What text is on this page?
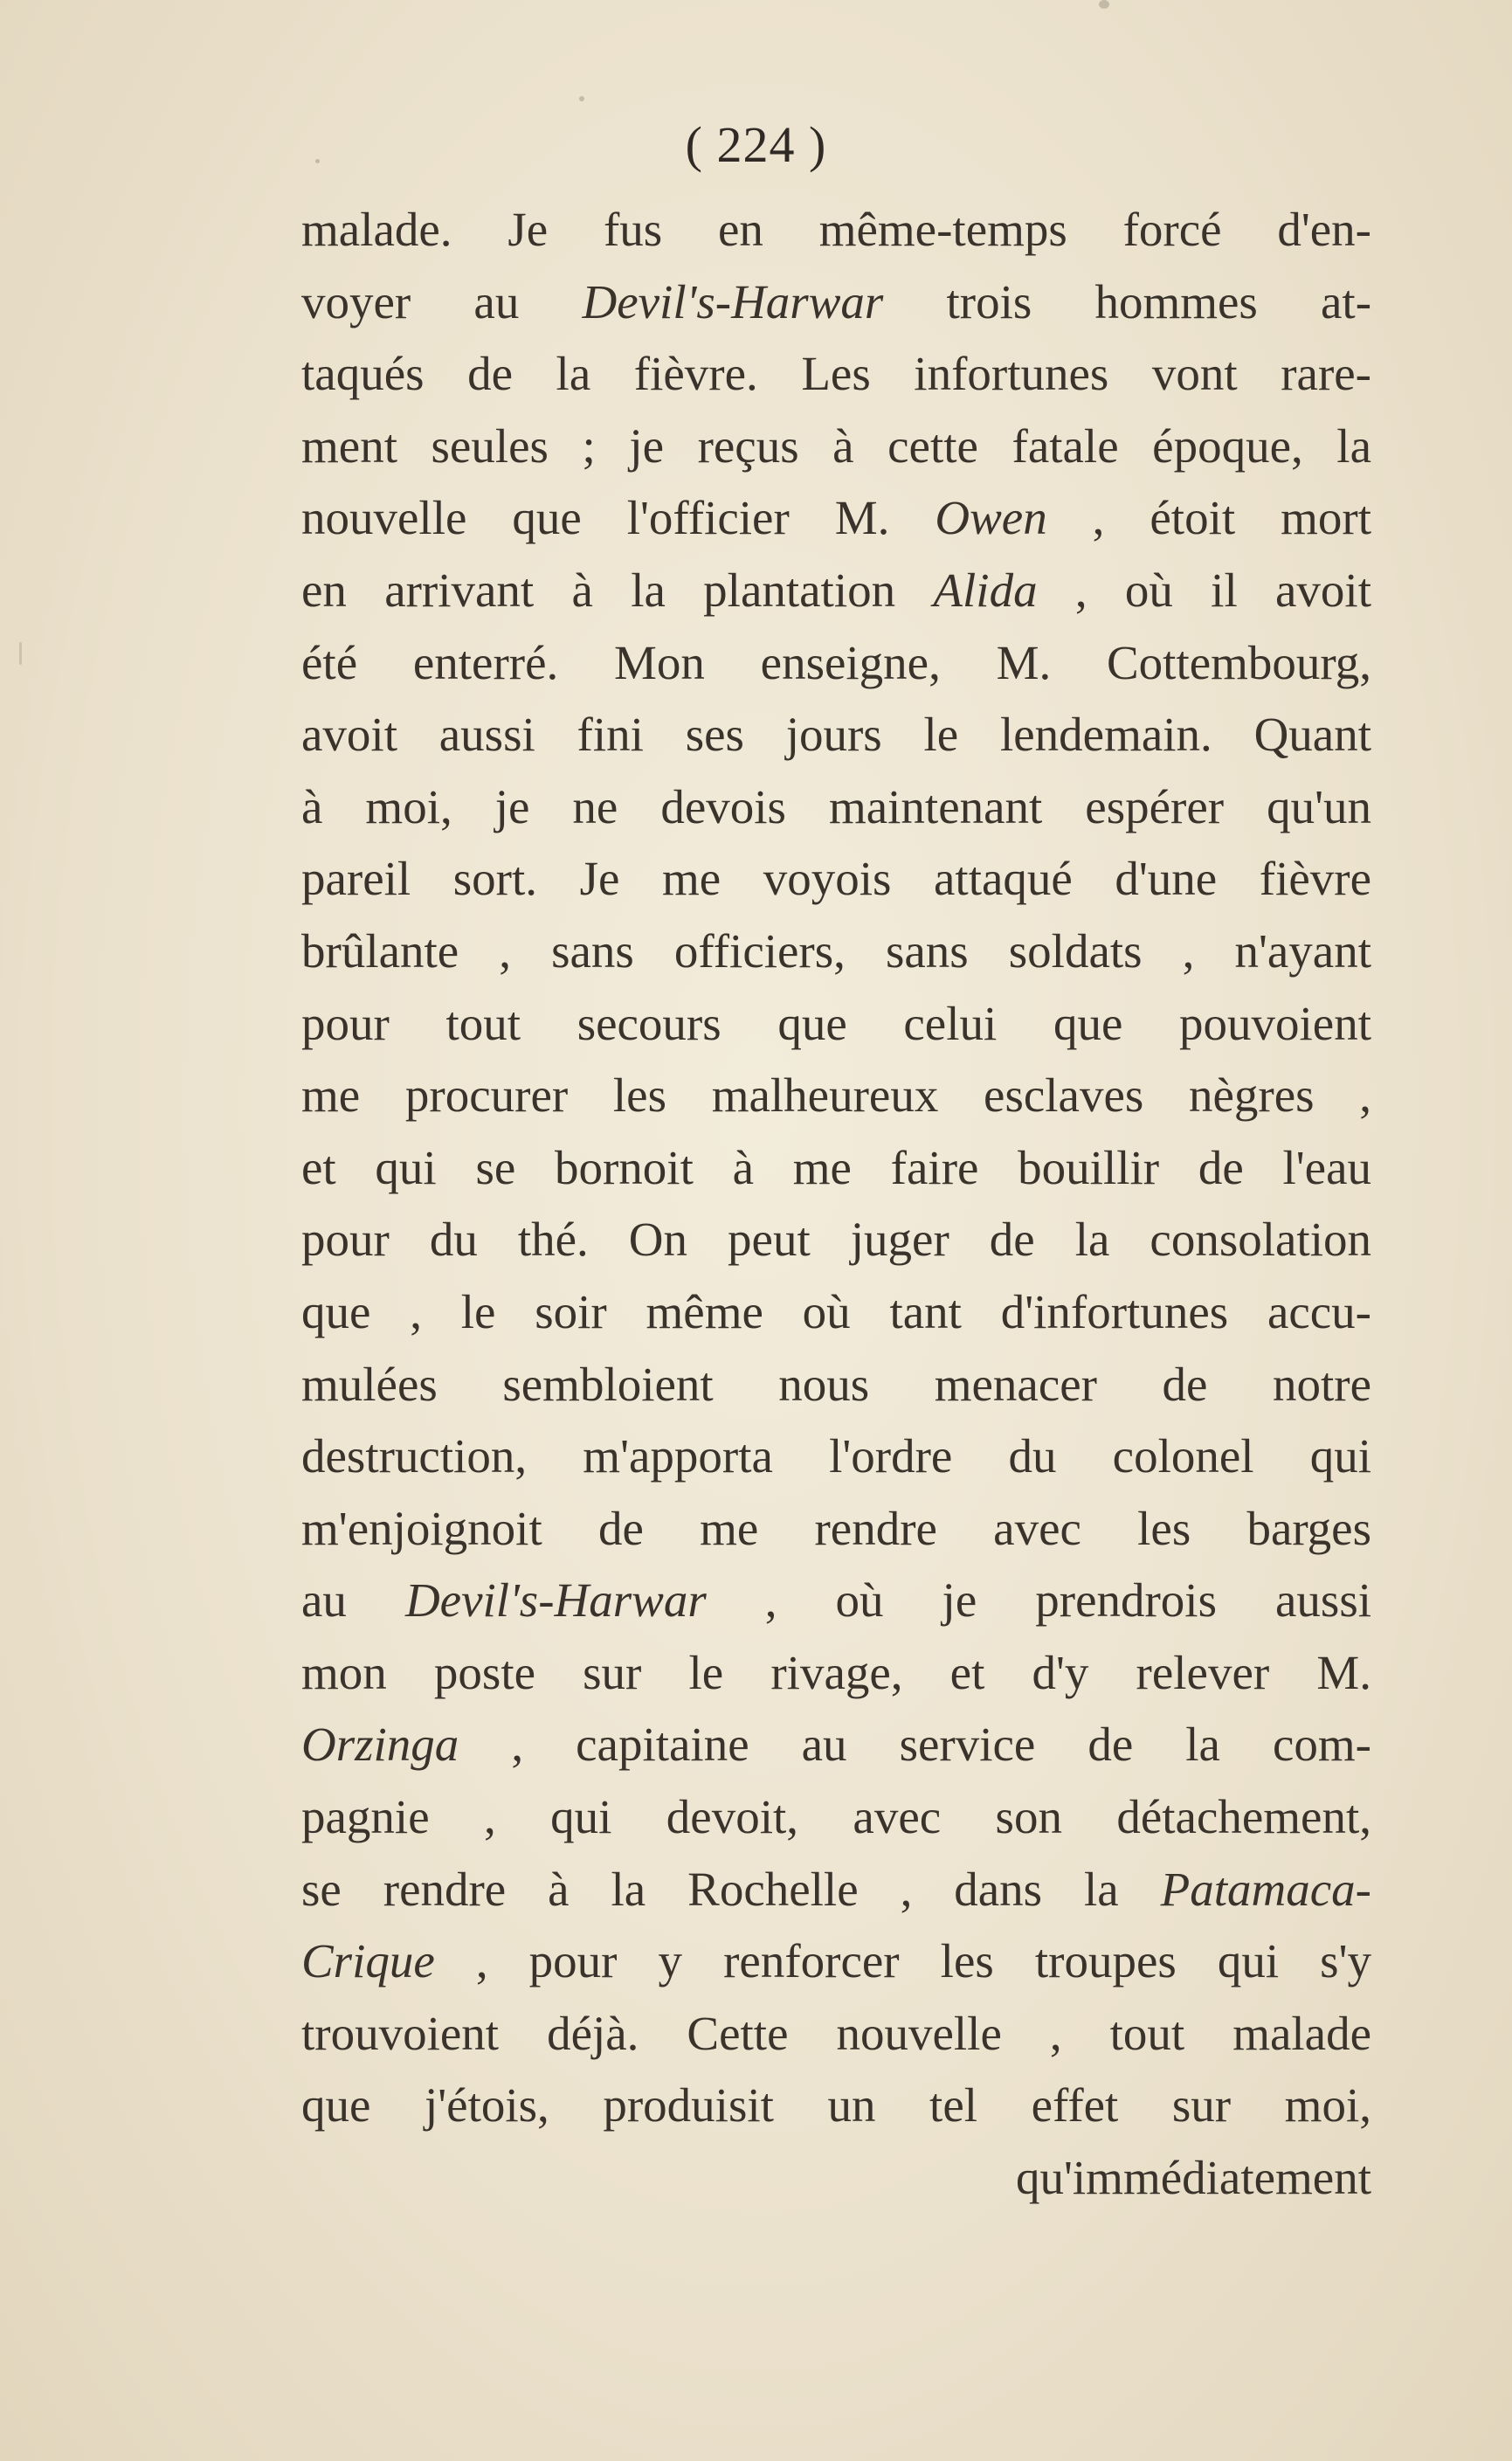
( 224 )
malade. Je fus en même-temps forcé d'en-
voyer au Devil's-Harwar trois hommes at-
taqués de la fièvre. Les infortunes vont rare-
ment seules ; je reçus à cette fatale époque, la
nouvelle que l'officier M. Owen , étoit mort
en arrivant à la plantation Alida , où il avoit
été enterré. Mon enseigne, M. Cottembourg,
avoit aussi fini ses jours le lendemain. Quant
à moi, je ne devois maintenant espérer qu'un
pareil sort. Je me voyois attaqué d'une fièvre
brûlante , sans officiers, sans soldats , n'ayant
pour tout secours que celui que pouvoient
me procurer les malheureux esclaves nègres ,
et qui se bornoit à me faire bouillir de l'eau
pour du thé. On peut juger de la consolation
que , le soir même où tant d'infortunes accu-
mulées sembloient nous menacer de notre
destruction, m'apporta l'ordre du colonel qui
m'enjoignoit de me rendre avec les barges
au Devil's-Harwar , où je prendrois aussi
mon poste sur le rivage, et d'y relever M.
Orzinga , capitaine au service de la com-
pagnie , qui devoit, avec son détachement,
se rendre à la Rochelle , dans la Patamaca-
Crique , pour y renforcer les troupes qui s'y
trouvoient déjà. Cette nouvelle , tout malade
que j'étois, produisit un tel effet sur moi,
qu'immédiatement
